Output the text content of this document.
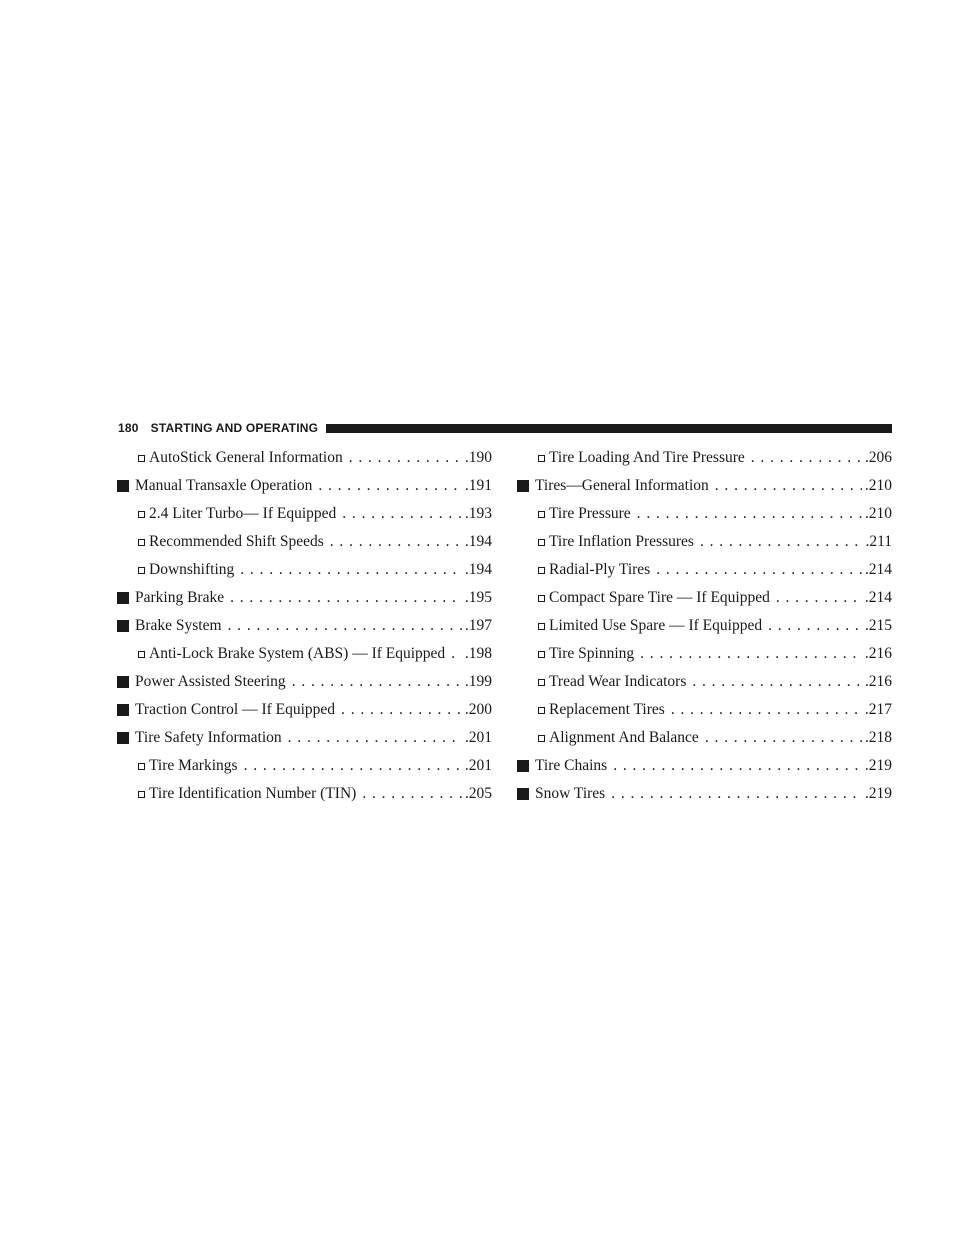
180 STARTING AND OPERATING
AutoStick General Information . . .	.190
Manual Transaxle Operation . . .	.191
2.4 Liter Turbo— If Equipped . . .	.193
Recommended Shift Speeds . . .	.194
Downshifting . . .	.194
Parking Brake . . .	.195
Brake System . . .	.197
Anti-Lock Brake System (ABS) — If Equipped . . . .198
Power Assisted Steering . . .	.199
Traction Control — If Equipped . . .	.200
Tire Safety Information . . .	.201
Tire Markings . . .	.201
Tire Identification Number (TIN) . . .	.205
Tire Loading And Tire Pressure . . .	.206
Tires—General Information . . .	.210
Tire Pressure . . .	.210
Tire Inflation Pressures . . .	.211
Radial-Ply Tires . . .	.214
Compact Spare Tire — If Equipped . . .	.214
Limited Use Spare — If Equipped . . .	.215
Tire Spinning . . .	.216
Tread Wear Indicators . . .	.216
Replacement Tires . . .	.217
Alignment And Balance . . .	.218
Tire Chains . . .	.219
Snow Tires . . .	.219
